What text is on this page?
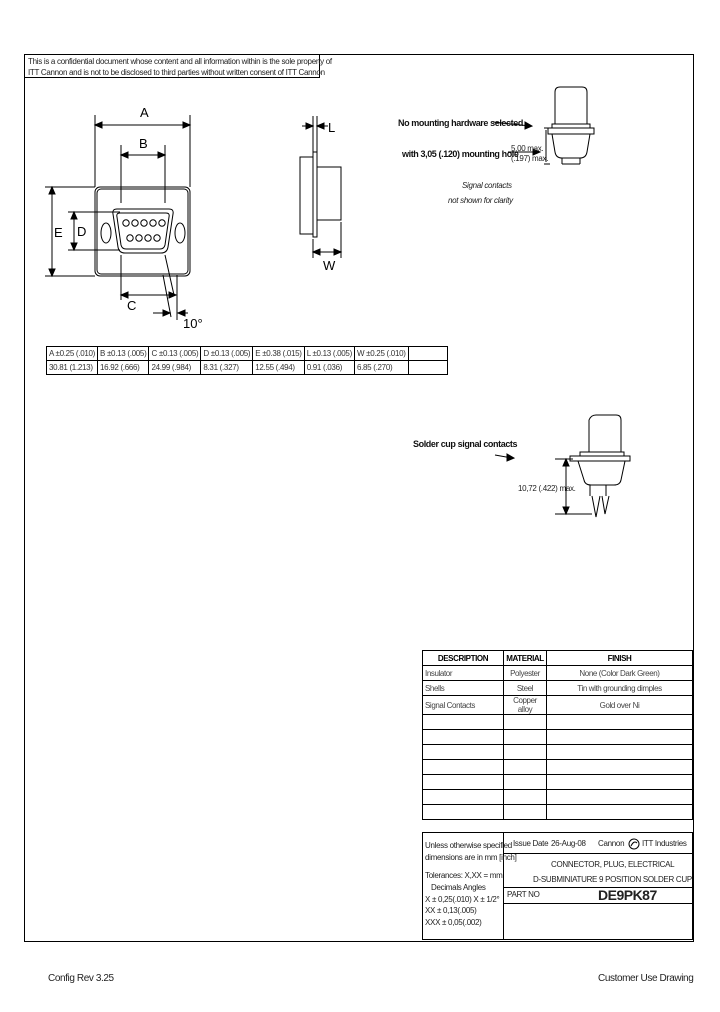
This is a confidential document whose content and all information within is the sole property of
ITT Cannon and is not to be disclosed to third parties without written consent of ITT Cannon
A
B
E D
C
10°
L
W
A ±0.25 (.010)	B ±0.13 (.005)	C ±0.13 (.005)	D ±0.13 (.005)	E ±0.38 (.015)	L ±0.13 (.005)	W ±0.25 (.010)	
30.81 (1.213)	16.92 (.666)	24.99 (.984)	8.31 (.327)	12.55 (.494)	0.91 (.036)	6.85 (.270)	
No mounting hardware selected
with 3,05 (.120) mounting hole
Signal contacts
not shown for clarity
5,00 max.
(.197) max.
Solder cup signal contacts
10,72 (.422) max.
DESCRIPTION	MATERIAL	FINISH
Insulator	Polyester	None (Color Dark Green)
Shells	Steel	Tin with grounding dimples
Signal Contacts	Copper alloy	Gold over Ni

Unless otherwise specified
dimensions are in mm [inch]
Tolerances: X,XX = mm
Decimals Angles
X ± 0,25(.010) X ± 1/2°
XX ± 0,13(.005)
XXX ± 0,05(.002)
Issue Date 26-Aug-08 Cannon ITT Industries
CONNECTOR, PLUG, ELECTRICAL
D-SUBMINIATURE 9 POSITION SOLDER CUP
PART NO	DE9PK87
Config Rev 3.25	Customer Use Drawing
